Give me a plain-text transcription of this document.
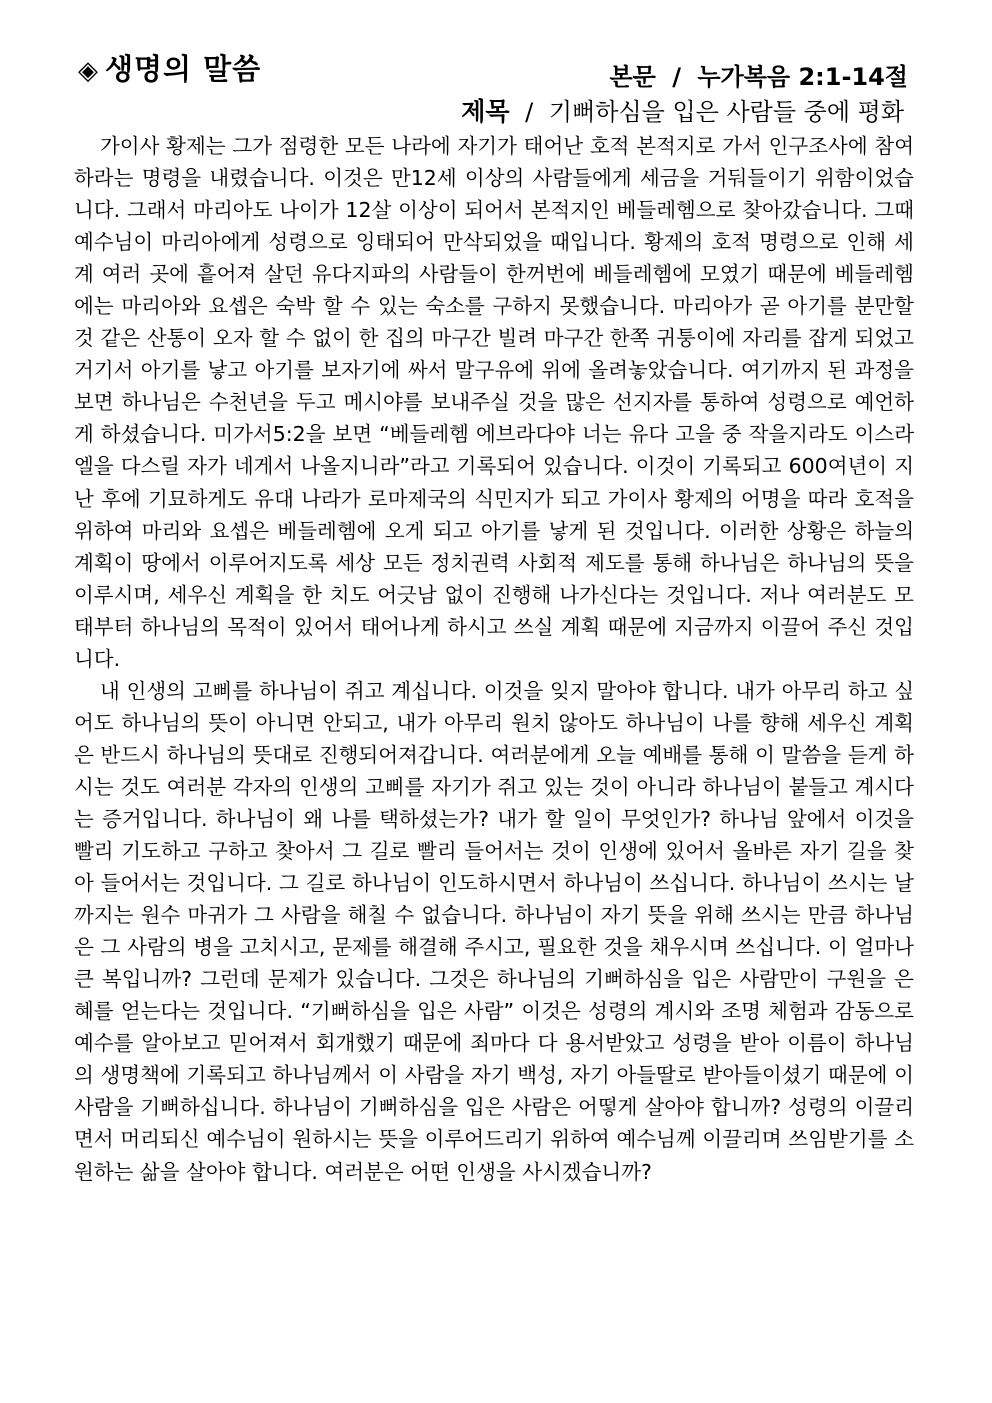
◈ 생명의 말씀	본문 / 누가복음 2:1-14절
제목 / 기뻐하심을 입은 사람들 중에 평화

가이사 황제는 그가 점령한 모든 나라에 자기가 태어난 호적 본적지로 가서 인구조사에 참여하라는 명령을 내렸습니다. 이것은 만12세 이상의 사람들에게 세금을 거둬들이기 위함이었습니다. 그래서 마리아도 나이가 12살 이상이 되어서 본적지인 베들레헴으로 찾아갔습니다. 그때 예수님이 마리아에게 성령으로 잉태되어 만삭되었을 때입니다. 황제의 호적 명령으로 인해 세계 여러 곳에 흩어져 살던 유다지파의 사람들이 한꺼번에 베들레헴에 모였기 때문에 베들레헴에는 마리아와 요셉은 숙박 할 수 있는 숙소를 구하지 못했습니다. 마리아가 곧 아기를 분만할 것 같은 산통이 오자 할 수 없이 한 집의 마구간 빌려 마구간 한쪽 귀퉁이에 자리를 잡게 되었고 거기서 아기를 낳고 아기를 보자기에 싸서 말구유에 위에 올려놓았습니다. 여기까지 된 과정을 보면 하나님은 수천년을 두고 메시야를 보내주실 것을 많은 선지자를 통하여 성령으로 예언하게 하셨습니다. 미가서5:2을 보면 “베들레헴 에브라다야 너는 유다 고을 중 작을지라도 이스라엘을 다스릴 자가 네게서 나올지니라”라고 기록되어 있습니다. 이것이 기록되고 600여년이 지난 후에 기묘하게도 유대 나라가 로마제국의 식민지가 되고 가이사 황제의 어명을 따라 호적을 위하여 마리와 요셉은 베들레헴에 오게 되고 아기를 낳게 된 것입니다. 이러한 상황은 하늘의 계획이 땅에서 이루어지도록 세상 모든 정치권력 사회적 제도를 통해 하나님은 하나님의 뜻을 이루시며, 세우신 계획을 한 치도 어긋남 없이 진행해 나가신다는 것입니다. 저나 여러분도 모태부터 하나님의 목적이 있어서 태어나게 하시고 쓰실 계획 때문에 지금까지 이끌어 주신 것입니다.

내 인생의 고삐를 하나님이 쥐고 계십니다. 이것을 잊지 말아야 합니다. 내가 아무리 하고 싶어도 하나님의 뜻이 아니면 안되고, 내가 아무리 원치 않아도 하나님이 나를 향해 세우신 계획은 반드시 하나님의 뜻대로 진행되어져갑니다. 여러분에게 오늘 예배를 통해 이 말씀을 듣게 하시는 것도 여러분 각자의 인생의 고삐를 자기가 쥐고 있는 것이 아니라 하나님이 붙들고 계시다는 증거입니다. 하나님이 왜 나를 택하셨는가? 내가 할 일이 무엇인가? 하나님 앞에서 이것을 빨리 기도하고 구하고 찾아서 그 길로 빨리 들어서는 것이 인생에 있어서 올바른 자기 길을 찾아 들어서는 것입니다. 그 길로 하나님이 인도하시면서 하나님이 쓰십니다. 하나님이 쓰시는 날 까지는 원수 마귀가 그 사람을 해칠 수 없습니다. 하나님이 자기 뜻을 위해 쓰시는 만큼 하나님은 그 사람의 병을 고치시고, 문제를 해결해 주시고, 필요한 것을 채우시며 쓰십니다. 이 얼마나 큰 복입니까? 그런데 문제가 있습니다. 그것은 하나님의 기뻐하심을 입은 사람만이 구원을 은혜를 얻는다는 것입니다. “기뻐하심을 입은 사람” 이것은 성령의 계시와 조명 체험과 감동으로 예수를 알아보고 믿어져서 회개했기 때문에 죄마다 다 용서받았고 성령을 받아 이름이 하나님의 생명책에 기록되고 하나님께서 이 사람을 자기 백성, 자기 아들딸로 받아들이셨기 때문에 이 사람을 기뻐하십니다. 하나님이 기뻐하심을 입은 사람은 어떻게 살아야 합니까? 성령의 이끌리면서 머리되신 예수님이 원하시는 뜻을 이루어드리기 위하여 예수님께 이끌리며 쓰임받기를 소원하는 삶을 살아야 합니다. 여러분은 어떤 인생을 사시겠습니까?
